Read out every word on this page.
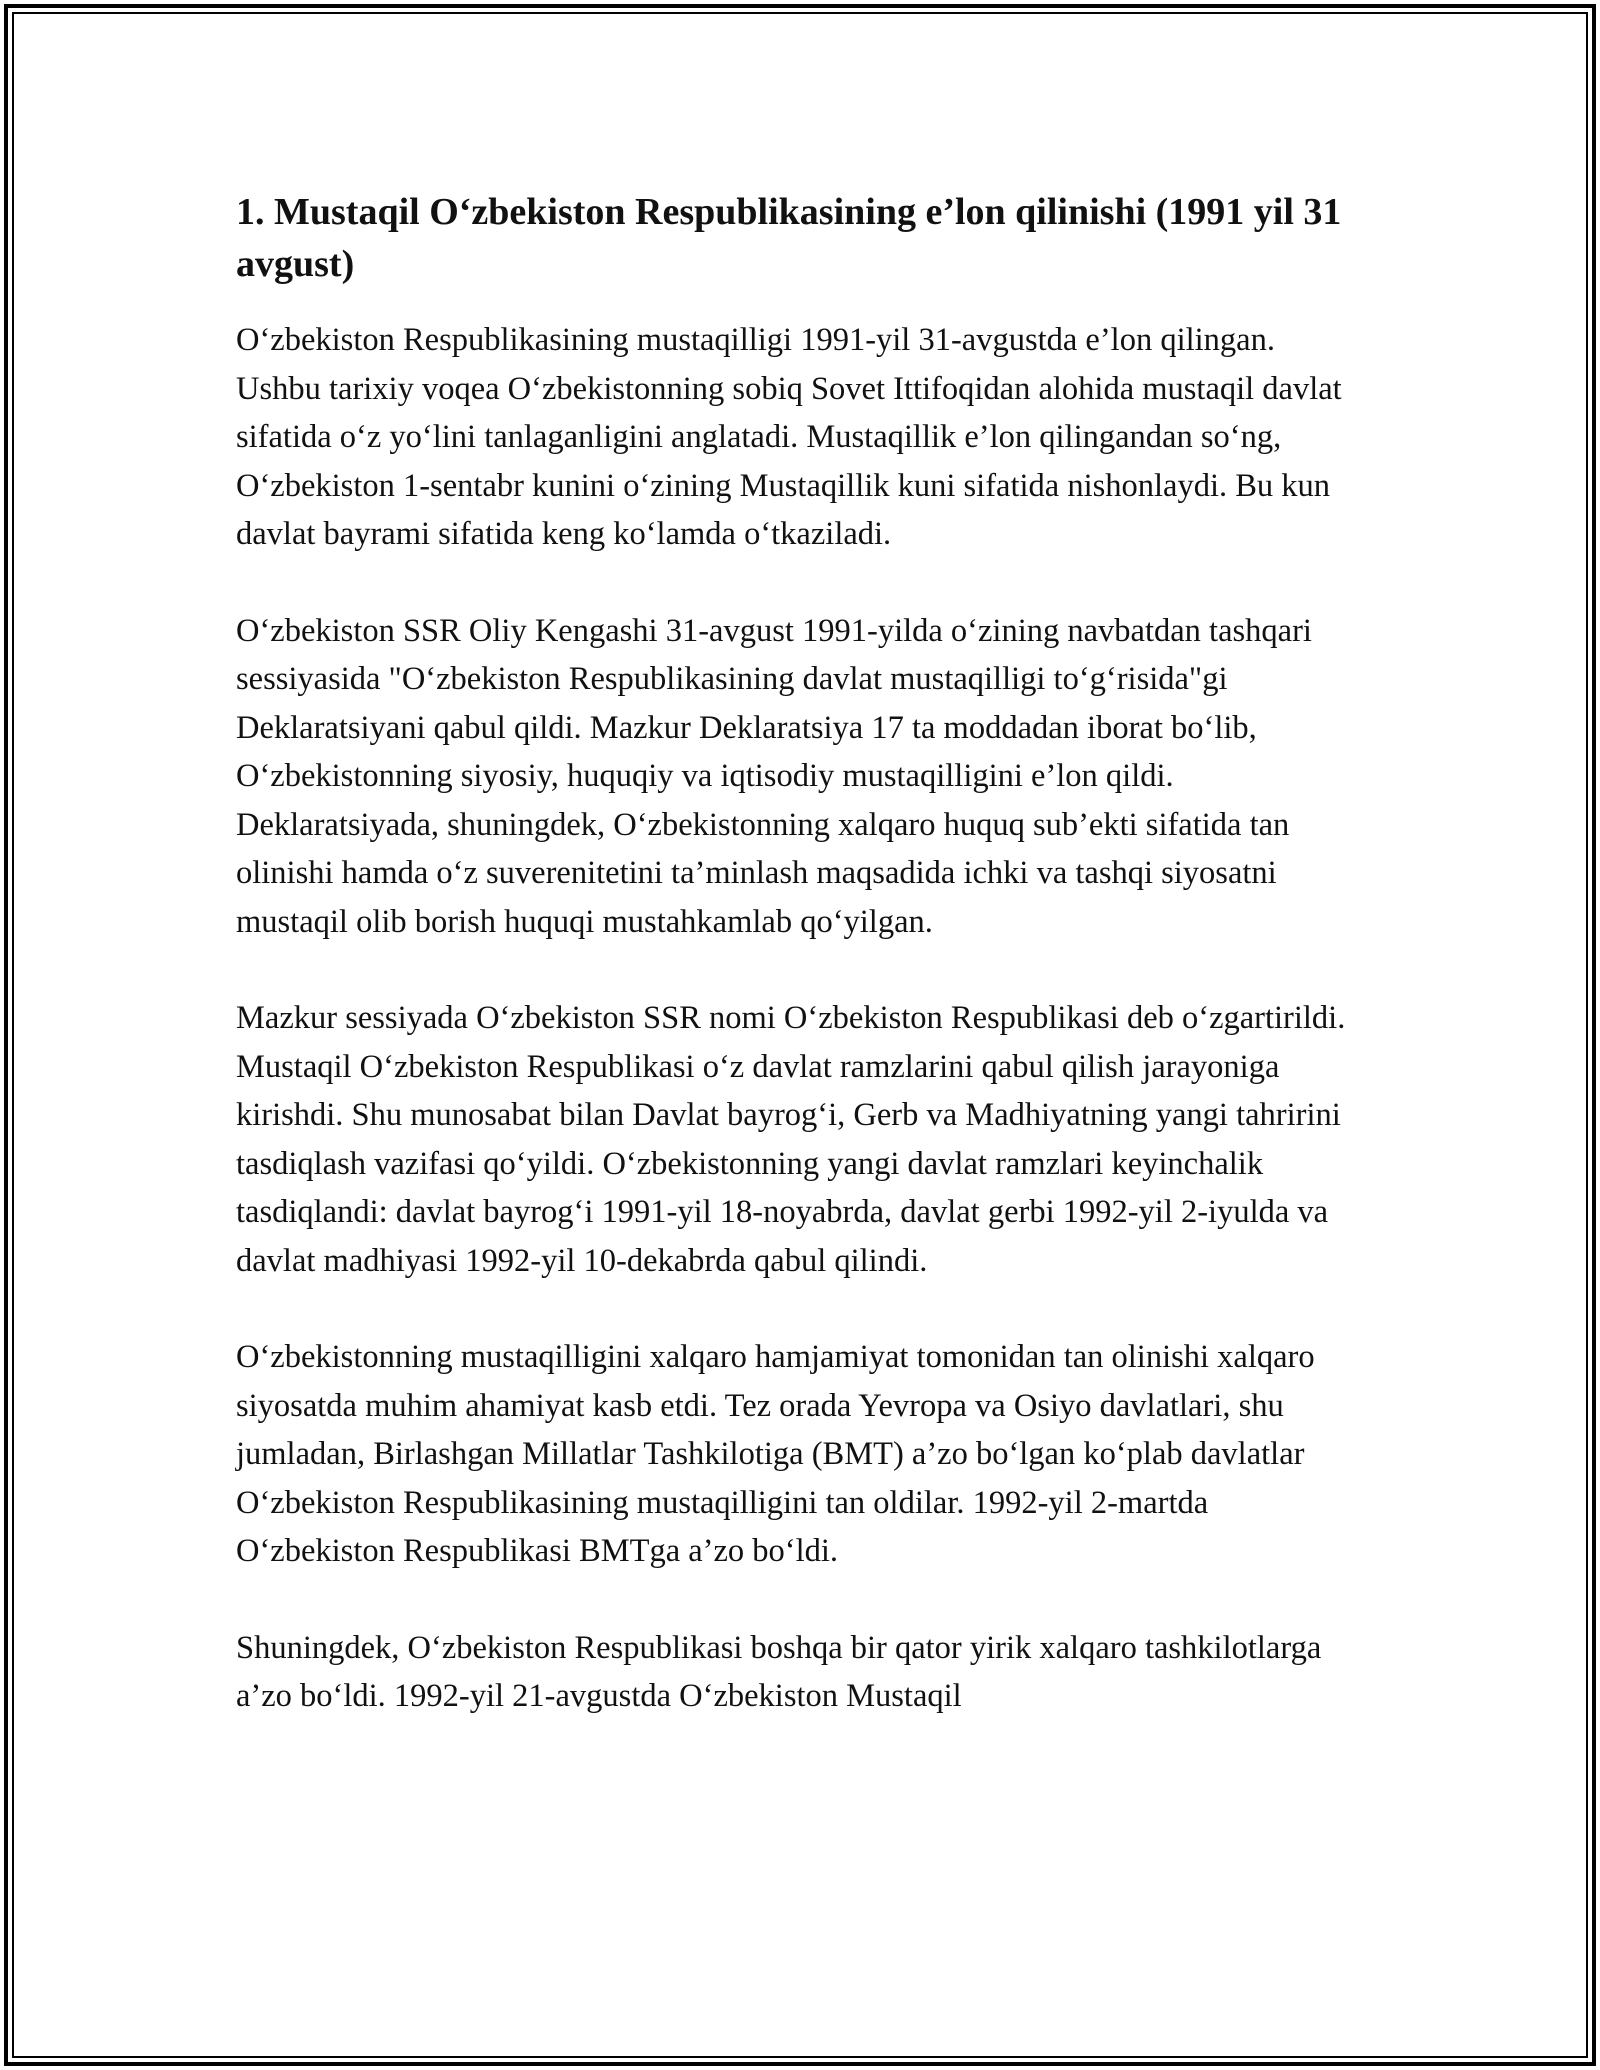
1. Mustaqil O‘zbekiston Respublikasining e’lon qilinishi (1991 yil 31 avgust)

O‘zbekiston Respublikasining mustaqilligi 1991-yil 31-avgustda e’lon qilingan. Ushbu tarixiy voqea O‘zbekistonning sobiq Sovet Ittifoqidan alohida mustaqil davlat sifatida o‘z yo‘lini tanlaganligini anglatadi. Mustaqillik e’lon qilingandan so‘ng, O‘zbekiston 1-sentabr kunini o‘zining Mustaqillik kuni sifatida nishonlaydi. Bu kun davlat bayrami sifatida keng ko‘lamda o‘tkaziladi.

O‘zbekiston SSR Oliy Kengashi 31-avgust 1991-yilda o‘zining navbatdan tashqari sessiyasida "O‘zbekiston Respublikasining davlat mustaqilligi to‘g‘risida"gi Deklaratsiyani qabul qildi. Mazkur Deklaratsiya 17 ta moddadan iborat bo‘lib, O‘zbekistonning siyosiy, huquqiy va iqtisodiy mustaqilligini e’lon qildi. Deklaratsiyada, shuningdek, O‘zbekistonning xalqaro huquq sub’ekti sifatida tan olinishi hamda o‘z suverenitetini ta’minlash maqsadida ichki va tashqi siyosatni mustaqil olib borish huquqi mustahkamlab qo‘yilgan.

Mazkur sessiyada O‘zbekiston SSR nomi O‘zbekiston Respublikasi deb o‘zgartirildi. Mustaqil O‘zbekiston Respublikasi o‘z davlat ramzlarini qabul qilish jarayoniga kirishdi. Shu munosabat bilan Davlat bayrog‘i, Gerb va Madhiyatning yangi tahririni tasdiqlash vazifasi qo‘yildi. O‘zbekistonning yangi davlat ramzlari keyinchalik tasdiqlandi: davlat bayrog‘i 1991-yil 18-noyabrda, davlat gerbi 1992-yil 2-iyulda va davlat madhiyasi 1992-yil 10-dekabrda qabul qilindi.

O‘zbekistonning mustaqilligini xalqaro hamjamiyat tomonidan tan olinishi xalqaro siyosatda muhim ahamiyat kasb etdi. Tez orada Yevropa va Osiyo davlatlari, shu jumladan, Birlashgan Millatlar Tashkilotiga (BMT) a’zo bo‘lgan ko‘plab davlatlar O‘zbekiston Respublikasining mustaqilligini tan oldilar. 1992-yil 2-martda O‘zbekiston Respublikasi BMTga a’zo bo‘ldi.

Shuningdek, O‘zbekiston Respublikasi boshqa bir qator yirik xalqaro tashkilotlarga a’zo bo‘ldi. 1992-yil 21-avgustda O‘zbekiston Mustaqil
